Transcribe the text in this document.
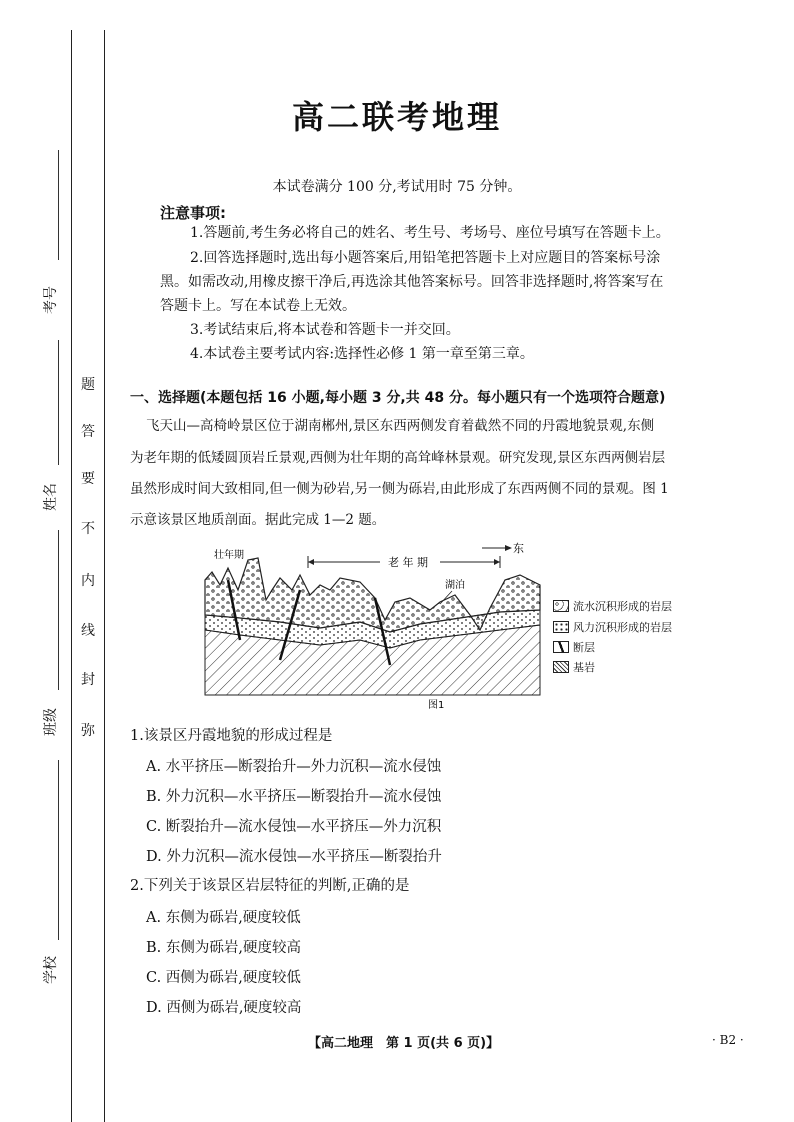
考号
姓名
班级
学校
题
答
要
不
内
线
封
弥
高二联考地理
本试卷满分 100 分,考试用时 75 分钟。
注意事项:
1.答题前,考生务必将自己的姓名、考生号、考场号、座位号填写在答题卡上。
2.回答选择题时,选出每小题答案后,用铅笔把答题卡上对应题目的答案标号涂
黑。如需改动,用橡皮擦干净后,再选涂其他答案标号。回答非选择题时,将答案写在
答题卡上。写在本试卷上无效。
3.考试结束后,将本试卷和答题卡一并交回。
4.本试卷主要考试内容:选择性必修 1 第一章至第三章。
一、选择题(本题包括 16 小题,每小题 3 分,共 48 分。每小题只有一个选项符合题意)
飞天山—高椅岭景区位于湖南郴州,景区东西两侧发育着截然不同的丹霞地貌景观,东侧
为老年期的低矮圆顶岩丘景观,西侧为壮年期的高耸峰林景观。研究发现,景区东西两侧岩层
虽然形成时间大致相同,但一侧为砂岩,另一侧为砾岩,由此形成了东西两侧不同的景观。图 1
示意该景区地质剖面。据此完成 1—2 题。
壮年期
老 年 期
东
湖泊
图1
流水沉积形成的岩层
风力沉积形成的岩层
断层
基岩
1.该景区丹霞地貌的形成过程是
A. 水平挤压—断裂抬升—外力沉积—流水侵蚀
B. 外力沉积—水平挤压—断裂抬升—流水侵蚀
C. 断裂抬升—流水侵蚀—水平挤压—外力沉积
D. 外力沉积—流水侵蚀—水平挤压—断裂抬升
2.下列关于该景区岩层特征的判断,正确的是
A. 东侧为砾岩,硬度较低
B. 东侧为砾岩,硬度较高
C. 西侧为砾岩,硬度较低
D. 西侧为砾岩,硬度较高
【高二地理　第 1 页(共 6 页)】	· B2 ·
